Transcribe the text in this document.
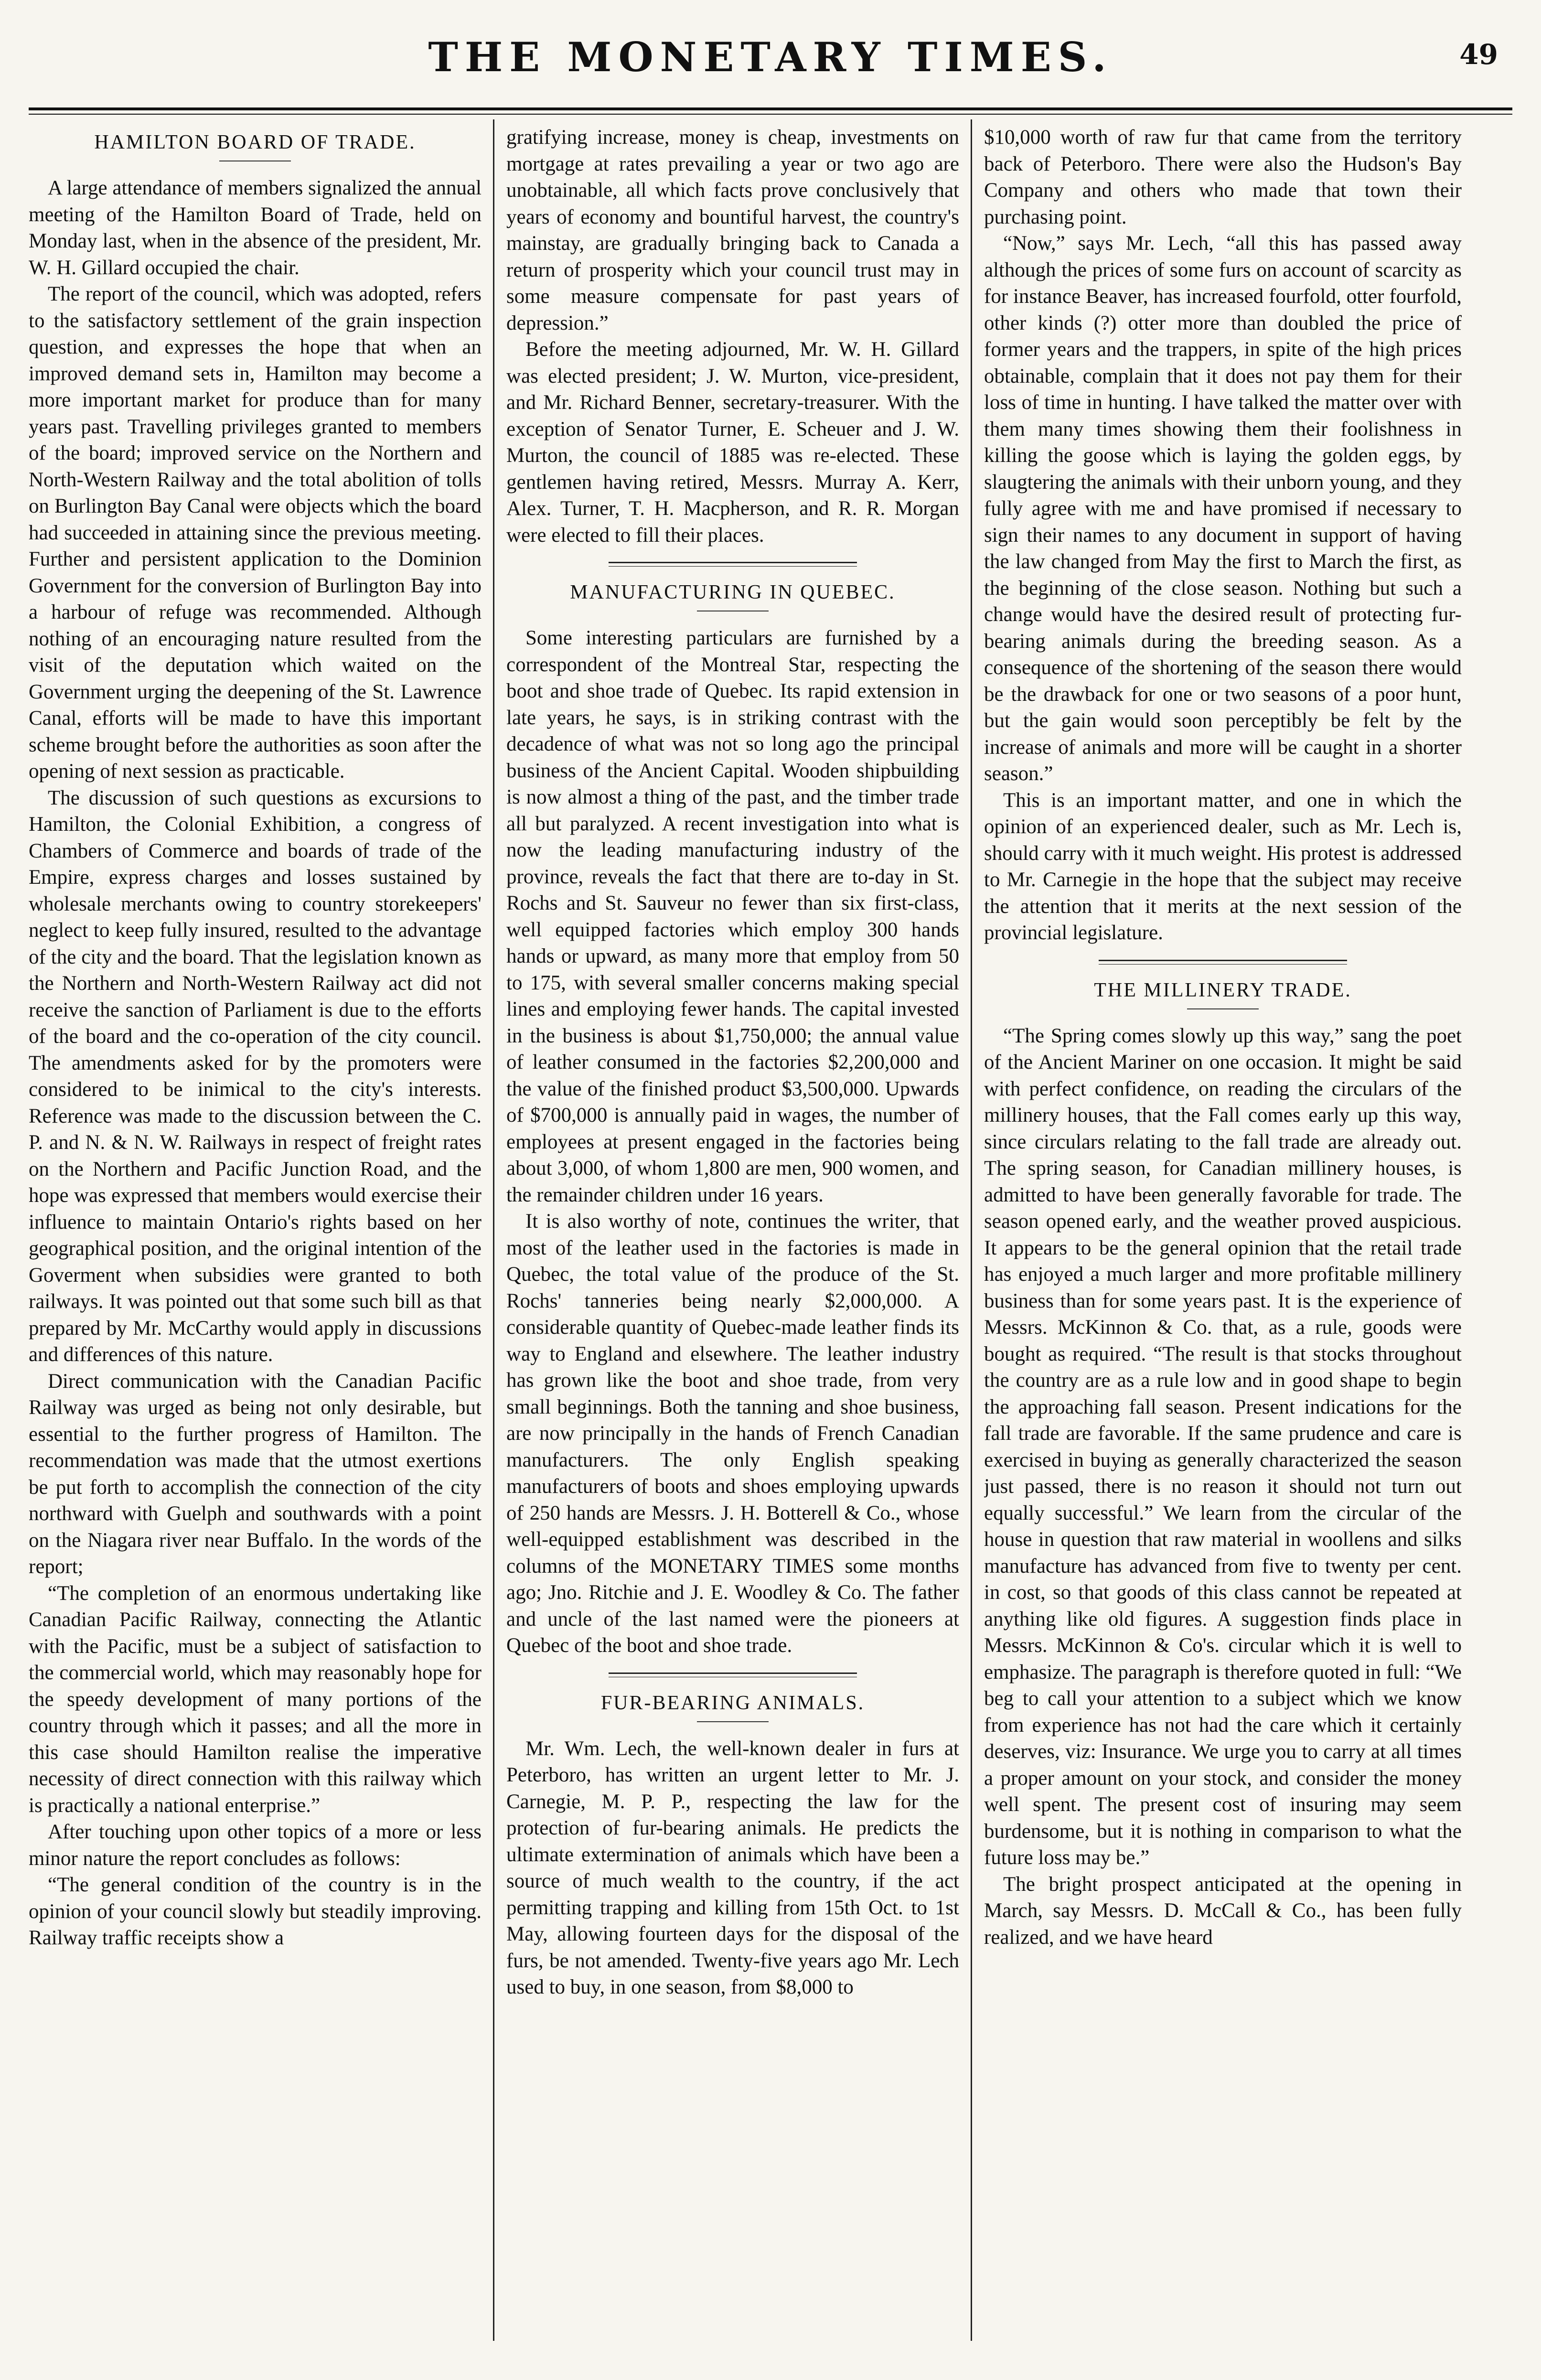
THE MONETARY TIMES.	49
HAMILTON BOARD OF TRADE.

A large attendance of members signalized the annual meeting of the Hamilton Board of Trade, held on Monday last, when in the absence of the president, Mr. W. H. Gillard occupied the chair.

The report of the council, which was adopted, refers to the satisfactory settlement of the grain inspection question, and expresses the hope that when an improved demand sets in, Hamilton may become a more important market for produce than for many years past. Travelling privileges granted to members of the board; improved service on the Northern and North-Western Railway and the total abolition of tolls on Burlington Bay Canal were objects which the board had succeeded in attaining since the previous meeting. Further and persistent application to the Dominion Government for the conversion of Burlington Bay into a harbour of refuge was recommended. Although nothing of an encouraging nature resulted from the visit of the deputation which waited on the Government urging the deepening of the St. Lawrence Canal, efforts will be made to have this important scheme brought before the authorities as soon after the opening of next session as practicable.

The discussion of such questions as excursions to Hamilton, the Colonial Exhibition, a congress of Chambers of Commerce and boards of trade of the Empire, express charges and losses sustained by wholesale merchants owing to country storekeepers' neglect to keep fully insured, resulted to the advantage of the city and the board. That the legislation known as the Northern and North-Western Railway act did not receive the sanction of Parliament is due to the efforts of the board and the co-operation of the city council. The amendments asked for by the promoters were considered to be inimical to the city's interests. Reference was made to the discussion between the C. P. and N. & N. W. Railways in respect of freight rates on the Northern and Pacific Junction Road, and the hope was expressed that members would exercise their influence to maintain Ontario's rights based on her geographical position, and the original intention of the Goverment when subsidies were granted to both railways. It was pointed out that some such bill as that prepared by Mr. McCarthy would apply in discussions and differences of this nature.

Direct communication with the Canadian Pacific Railway was urged as being not only desirable, but essential to the further progress of Hamilton. The recommendation was made that the utmost exertions be put forth to accomplish the connection of the city northward with Guelph and southwards with a point on the Niagara river near Buffalo. In the words of the report;

“The completion of an enormous undertaking like Canadian Pacific Railway, connecting the Atlantic with the Pacific, must be a subject of satisfaction to the commercial world, which may reasonably hope for the speedy development of many portions of the country through which it passes; and all the more in this case should Hamilton realise the imperative necessity of direct connection with this railway which is practically a national enterprise.”

After touching upon other topics of a more or less minor nature the report concludes as follows:

“The general condition of the country is in the opinion of your council slowly but steadily improving. Railway traffic receipts show a

gratifying increase, money is cheap, investments on mortgage at rates prevailing a year or two ago are unobtainable, all which facts prove conclusively that years of economy and bountiful harvest, the country's mainstay, are gradually bringing back to Canada a return of prosperity which your council trust may in some measure compensate for past years of depression.”

Before the meeting adjourned, Mr. W. H. Gillard was elected president; J. W. Murton, vice-president, and Mr. Richard Benner, secretary-treasurer. With the exception of Senator Turner, E. Scheuer and J. W. Murton, the council of 1885 was re-elected. These gentlemen having retired, Messrs. Murray A. Kerr, Alex. Turner, T. H. Macpherson, and R. R. Morgan were elected to fill their places.

MANUFACTURING IN QUEBEC.

Some interesting particulars are furnished by a correspondent of the Montreal Star, respecting the boot and shoe trade of Quebec. Its rapid extension in late years, he says, is in striking contrast with the decadence of what was not so long ago the principal business of the Ancient Capital. Wooden shipbuilding is now almost a thing of the past, and the timber trade all but paralyzed. A recent investigation into what is now the leading manufacturing industry of the province, reveals the fact that there are to-day in St. Rochs and St. Sauveur no fewer than six first-class, well equipped factories which employ 300 hands hands or upward, as many more that employ from 50 to 175, with several smaller concerns making special lines and employing fewer hands. The capital invested in the business is about $1,750,000; the annual value of leather consumed in the factories $2,200,000 and the value of the finished product $3,500,000. Upwards of $700,000 is annually paid in wages, the number of employees at present engaged in the factories being about 3,000, of whom 1,800 are men, 900 women, and the remainder children under 16 years.

It is also worthy of note, continues the writer, that most of the leather used in the factories is made in Quebec, the total value of the produce of the St. Rochs' tanneries being nearly $2,000,000. A considerable quantity of Quebec-made leather finds its way to England and elsewhere. The leather industry has grown like the boot and shoe trade, from very small beginnings. Both the tanning and shoe business, are now principally in the hands of French Canadian manufacturers. The only English speaking manufacturers of boots and shoes employing upwards of 250 hands are Messrs. J. H. Botterell & Co., whose well-equipped establishment was described in the columns of the MONETARY TIMES some months ago; Jno. Ritchie and J. E. Woodley & Co. The father and uncle of the last named were the pioneers at Quebec of the boot and shoe trade.

FUR-BEARING ANIMALS.

Mr. Wm. Lech, the well-known dealer in furs at Peterboro, has written an urgent letter to Mr. J. Carnegie, M. P. P., respecting the law for the protection of fur-bearing animals. He predicts the ultimate extermination of animals which have been a source of much wealth to the country, if the act permitting trapping and killing from 15th Oct. to 1st May, allowing fourteen days for the disposal of the furs, be not amended. Twenty-five years ago Mr. Lech used to buy, in one season, from $8,000 to

$10,000 worth of raw fur that came from the territory back of Peterboro. There were also the Hudson's Bay Company and others who made that town their purchasing point.

“Now,” says Mr. Lech, “all this has passed away although the prices of some furs on account of scarcity as for instance Beaver, has increased fourfold, otter fourfold, other kinds (?) otter more than doubled the price of former years and the trappers, in spite of the high prices obtainable, complain that it does not pay them for their loss of time in hunting. I have talked the matter over with them many times showing them their foolishness in killing the goose which is laying the golden eggs, by slaugtering the animals with their unborn young, and they fully agree with me and have promised if necessary to sign their names to any document in support of having the law changed from May the first to March the first, as the beginning of the close season. Nothing but such a change would have the desired result of protecting fur-bearing animals during the breeding season. As a consequence of the shortening of the season there would be the drawback for one or two seasons of a poor hunt, but the gain would soon perceptibly be felt by the increase of animals and more will be caught in a shorter season.”

This is an important matter, and one in which the opinion of an experienced dealer, such as Mr. Lech is, should carry with it much weight. His protest is addressed to Mr. Carnegie in the hope that the subject may receive the attention that it merits at the next session of the provincial legislature.

THE MILLINERY TRADE.

“The Spring comes slowly up this way,” sang the poet of the Ancient Mariner on one occasion. It might be said with perfect confidence, on reading the circulars of the millinery houses, that the Fall comes early up this way, since circulars relating to the fall trade are already out. The spring season, for Canadian millinery houses, is admitted to have been generally favorable for trade. The season opened early, and the weather proved auspicious. It appears to be the general opinion that the retail trade has enjoyed a much larger and more profitable millinery business than for some years past. It is the experience of Messrs. McKinnon & Co. that, as a rule, goods were bought as required. “The result is that stocks throughout the country are as a rule low and in good shape to begin the approaching fall season. Present indications for the fall trade are favorable. If the same prudence and care is exercised in buying as generally characterized the season just passed, there is no reason it should not turn out equally successful.” We learn from the circular of the house in question that raw material in woollens and silks manufacture has advanced from five to twenty per cent. in cost, so that goods of this class cannot be repeated at anything like old figures. A suggestion finds place in Messrs. McKinnon & Co's. circular which it is well to emphasize. The paragraph is therefore quoted in full: “We beg to call your attention to a subject which we know from experience has not had the care which it certainly deserves, viz: Insurance. We urge you to carry at all times a proper amount on your stock, and consider the money well spent. The present cost of insuring may seem burdensome, but it is nothing in comparison to what the future loss may be.”

The bright prospect anticipated at the opening in March, say Messrs. D. McCall & Co., has been fully realized, and we have heard
